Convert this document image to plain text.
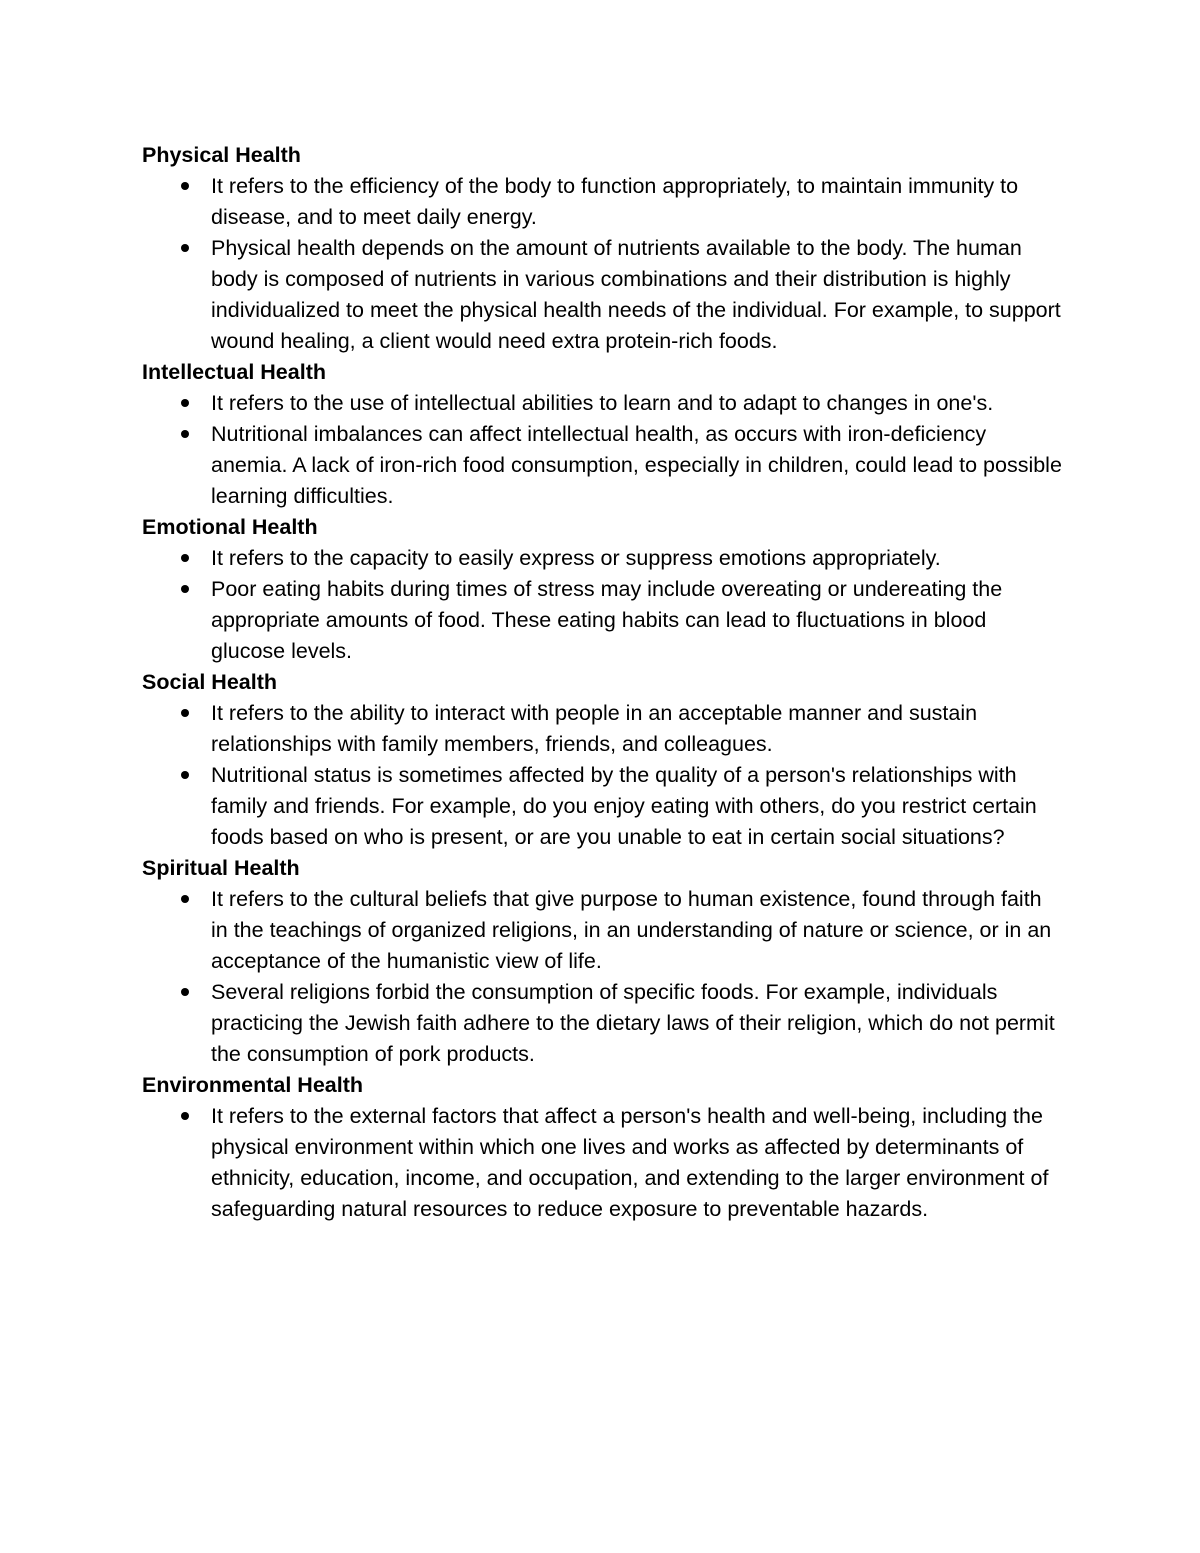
Physical Health

It refers to the efficiency of the body to function appropriately, to maintain immunity to disease, and to meet daily energy.
Physical health depends on the amount of nutrients available to the body. The human body is composed of nutrients in various combinations and their distribution is highly individualized to meet the physical health needs of the individual. For example, to support wound healing, a client would need extra protein-rich foods.

Intellectual Health

It refers to the use of intellectual abilities to learn and to adapt to changes in one's.
Nutritional imbalances can affect intellectual health, as occurs with iron-deficiency anemia. A lack of iron-rich food consumption, especially in children, could lead to possible learning difficulties.

Emotional Health

It refers to the capacity to easily express or suppress emotions appropriately.
Poor eating habits during times of stress may include overeating or undereating the appropriate amounts of food. These eating habits can lead to fluctuations in blood glucose levels.

Social Health

It refers to the ability to interact with people in an acceptable manner and sustain relationships with family members, friends, and colleagues.
Nutritional status is sometimes affected by the quality of a person's relationships with family and friends. For example, do you enjoy eating with others, do you restrict certain foods based on who is present, or are you unable to eat in certain social situations?

Spiritual Health

It refers to the cultural beliefs that give purpose to human existence, found through faith in the teachings of organized religions, in an understanding of nature or science, or in an acceptance of the humanistic view of life.
Several religions forbid the consumption of specific foods. For example, individuals practicing the Jewish faith adhere to the dietary laws of their religion, which do not permit the consumption of pork products.

Environmental Health

It refers to the external factors that affect a person's health and well-being, including the physical environment within which one lives and works as affected by determinants of ethnicity, education, income, and occupation, and extending to the larger environment of safeguarding natural resources to reduce exposure to preventable hazards.
